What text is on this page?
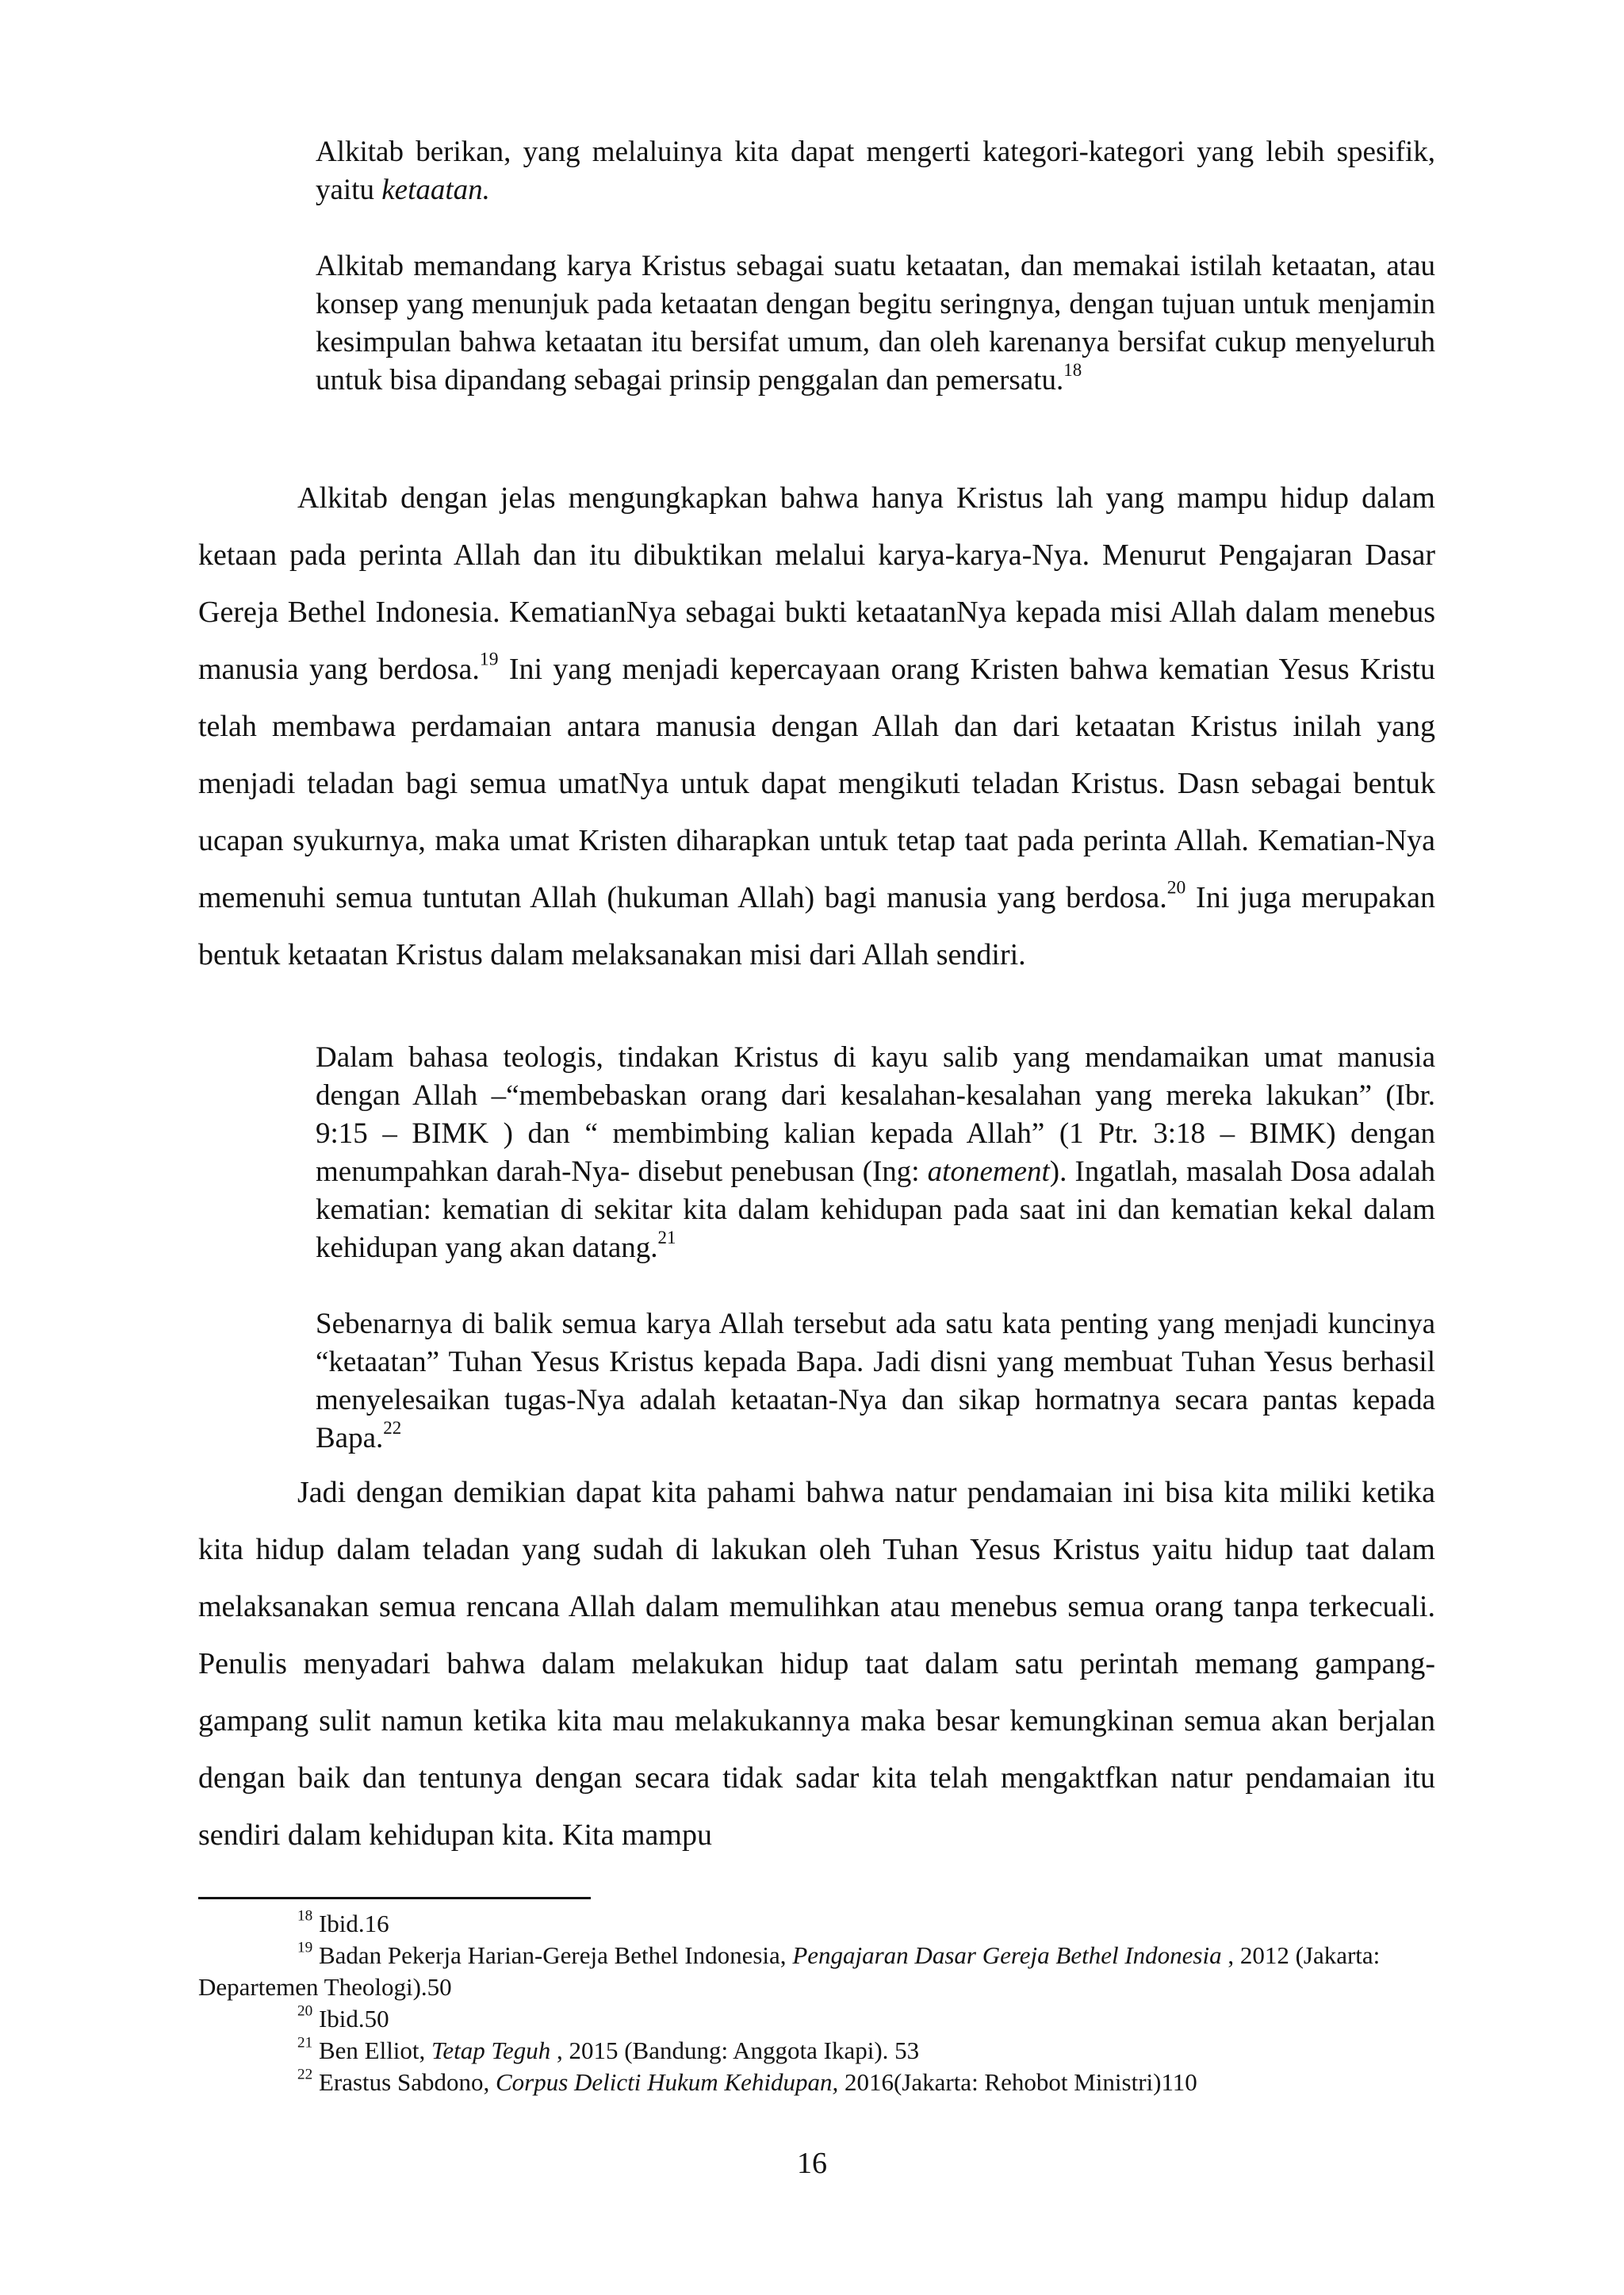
Alkitab berikan, yang melaluinya kita dapat mengerti kategori-kategori yang lebih spesifik, yaitu ketaatan.
Alkitab memandang karya Kristus sebagai suatu ketaatan, dan memakai istilah ketaatan, atau konsep yang menunjuk pada ketaatan dengan begitu seringnya, dengan tujuan untuk menjamin kesimpulan bahwa ketaatan itu bersifat umum, dan oleh karenanya bersifat cukup menyeluruh untuk bisa dipandang sebagai prinsip penggalan dan pemersatu.$^{18}$
Alkitab dengan jelas mengungkapkan bahwa hanya Kristus lah yang mampu hidup dalam ketaan pada perinta Allah dan itu dibuktikan melalui karya-karya-Nya. Menurut Pengajaran Dasar Gereja Bethel Indonesia. KematianNya sebagai bukti ketaatanNya kepada misi Allah dalam menebus manusia yang berdosa.$^{19}$ Ini yang menjadi kepercayaan orang Kristen bahwa kematian Yesus Kristu telah membawa perdamaian antara manusia dengan Allah dan dari ketaatan Kristus inilah yang menjadi teladan bagi semua umatNya untuk dapat mengikuti teladan Kristus. Dasn sebagai bentuk ucapan syukurnya, maka umat Kristen diharapkan untuk tetap taat pada perinta Allah. Kematian-Nya memenuhi semua tuntutan Allah (hukuman Allah) bagi manusia yang berdosa.$^{20}$ Ini juga merupakan bentuk ketaatan Kristus dalam melaksanakan misi dari Allah sendiri.
Dalam bahasa teologis, tindakan Kristus di kayu salib yang mendamaikan umat manusia dengan Allah –“membebaskan orang dari kesalahan-kesalahan yang mereka lakukan” (Ibr. 9:15 – BIMK ) dan “ membimbing kalian kepada Allah” (1 Ptr. 3:18 – BIMK) dengan menumpahkan darah-Nya- disebut penebusan (Ing: atonement). Ingatlah, masalah Dosa adalah kematian: kematian di sekitar kita dalam kehidupan pada saat ini dan kematian kekal dalam kehidupan yang akan datang.$^{21}$
Sebenarnya di balik semua karya Allah tersebut ada satu kata penting yang menjadi kuncinya “ketaatan” Tuhan Yesus Kristus kepada Bapa. Jadi disni yang membuat Tuhan Yesus berhasil menyelesaikan tugas-Nya adalah ketaatan-Nya dan sikap hormatnya secara pantas kepada Bapa.$^{22}$
Jadi dengan demikian dapat kita pahami bahwa natur pendamaian ini bisa kita miliki ketika kita hidup dalam teladan yang sudah di lakukan oleh Tuhan Yesus Kristus yaitu hidup taat dalam melaksanakan semua rencana Allah dalam memulihkan atau menebus semua orang tanpa terkecuali. Penulis menyadari bahwa dalam melakukan hidup taat dalam satu perintah memang gampang-gampang sulit namun ketika kita mau melakukannya maka besar kemungkinan semua akan berjalan dengan baik dan tentunya dengan secara tidak sadar kita telah mengaktfkan natur pendamaian itu sendiri dalam kehidupan kita. Kita mampu

$^{18}$ Ibid.16

$^{19}$ Badan Pekerja Harian-Gereja Bethel Indonesia, Pengajaran Dasar Gereja Bethel Indonesia , 2012 (Jakarta: Departemen Theologi).50

$^{20}$ Ibid.50

$^{21}$ Ben Elliot, Tetap Teguh , 2015 (Bandung: Anggota Ikapi). 53

$^{22}$ Erastus Sabdono, Corpus Delicti Hukum Kehidupan, 2016(Jakarta: Rehobot Ministri)110

16
